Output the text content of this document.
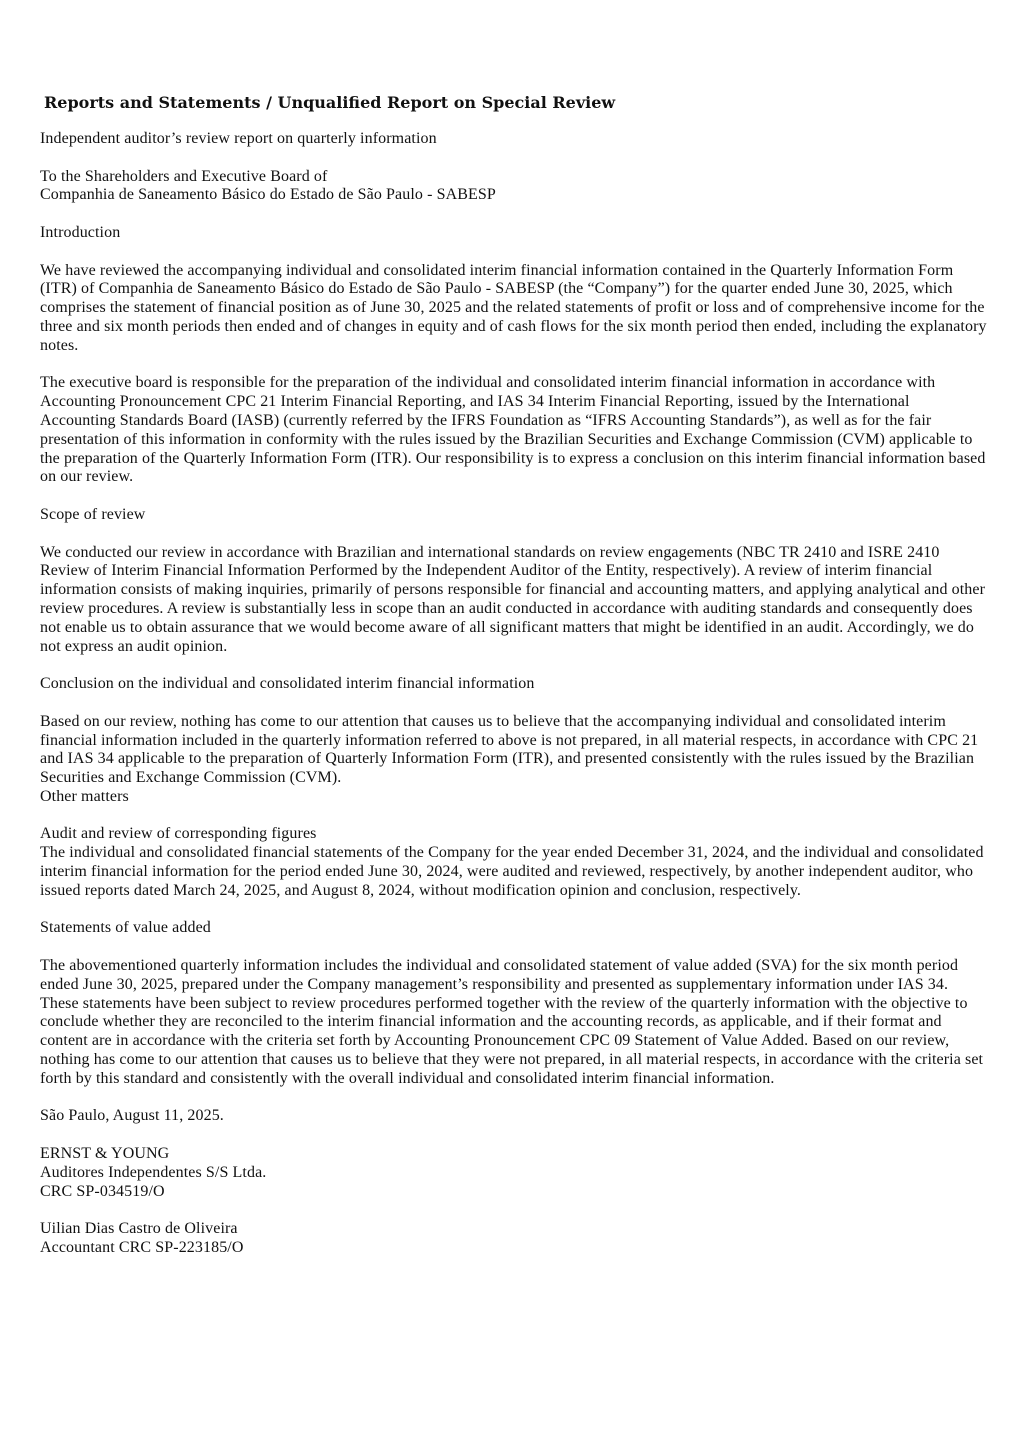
Reports and Statements / Unqualified Report on Special Review

Independent auditor’s review report on quarterly information

To the Shareholders and Executive Board of
Companhia de Saneamento Básico do Estado de São Paulo - SABESP

Introduction

We have reviewed the accompanying individual and consolidated interim financial information contained in the Quarterly Information Form (ITR) of Companhia de Saneamento Básico do Estado de São Paulo - SABESP (the “Company”) for the quarter ended June 30, 2025, which comprises the statement of financial position as of June 30, 2025 and the related statements of profit or loss and of comprehensive income for the three and six month periods then ended and of changes in equity and of cash flows for the six month period then ended, including the explanatory notes.

The executive board is responsible for the preparation of the individual and consolidated interim financial information in accordance with Accounting Pronouncement CPC 21 Interim Financial Reporting, and IAS 34 Interim Financial Reporting, issued by the International Accounting Standards Board (IASB) (currently referred by the IFRS Foundation as “IFRS Accounting Standards”), as well as for the fair presentation of this information in conformity with the rules issued by the Brazilian Securities and Exchange Commission (CVM) applicable to the preparation of the Quarterly Information Form (ITR). Our responsibility is to express a conclusion on this interim financial information based on our review.

Scope of review

We conducted our review in accordance with Brazilian and international standards on review engagements (NBC TR 2410 and ISRE 2410 Review of Interim Financial Information Performed by the Independent Auditor of the Entity, respectively). A review of interim financial information consists of making inquiries, primarily of persons responsible for financial and accounting matters, and applying analytical and other review procedures. A review is substantially less in scope than an audit conducted in accordance with auditing standards and consequently does not enable us to obtain assurance that we would become aware of all significant matters that might be identified in an audit. Accordingly, we do not express an audit opinion.

Conclusion on the individual and consolidated interim financial information

Based on our review, nothing has come to our attention that causes us to believe that the accompanying individual and consolidated interim financial information included in the quarterly information referred to above is not prepared, in all material respects, in accordance with CPC 21 and IAS 34 applicable to the preparation of Quarterly Information Form (ITR), and presented consistently with the rules issued by the Brazilian Securities and Exchange Commission (CVM).

Other matters

Audit and review of corresponding figures

The individual and consolidated financial statements of the Company for the year ended December 31, 2024, and the individual and consolidated interim financial information for the period ended June 30, 2024, were audited and reviewed, respectively, by another independent auditor, who issued reports dated March 24, 2025, and August 8, 2024, without modification opinion and conclusion, respectively.

Statements of value added

The abovementioned quarterly information includes the individual and consolidated statement of value added (SVA) for the six month period ended June 30, 2025, prepared under the Company management’s responsibility and presented as supplementary information under IAS 34. These statements have been subject to review procedures performed together with the review of the quarterly information with the objective to conclude whether they are reconciled to the interim financial information and the accounting records, as applicable, and if their format and content are in accordance with the criteria set forth by Accounting Pronouncement CPC 09 Statement of Value Added. Based on our review, nothing has come to our attention that causes us to believe that they were not prepared, in all material respects, in accordance with the criteria set forth by this standard and consistently with the overall individual and consolidated interim financial information.

São Paulo, August 11, 2025.

ERNST & YOUNG
Auditores Independentes S/S Ltda.
CRC SP-034519/O

Uilian Dias Castro de Oliveira
Accountant CRC SP-223185/O
